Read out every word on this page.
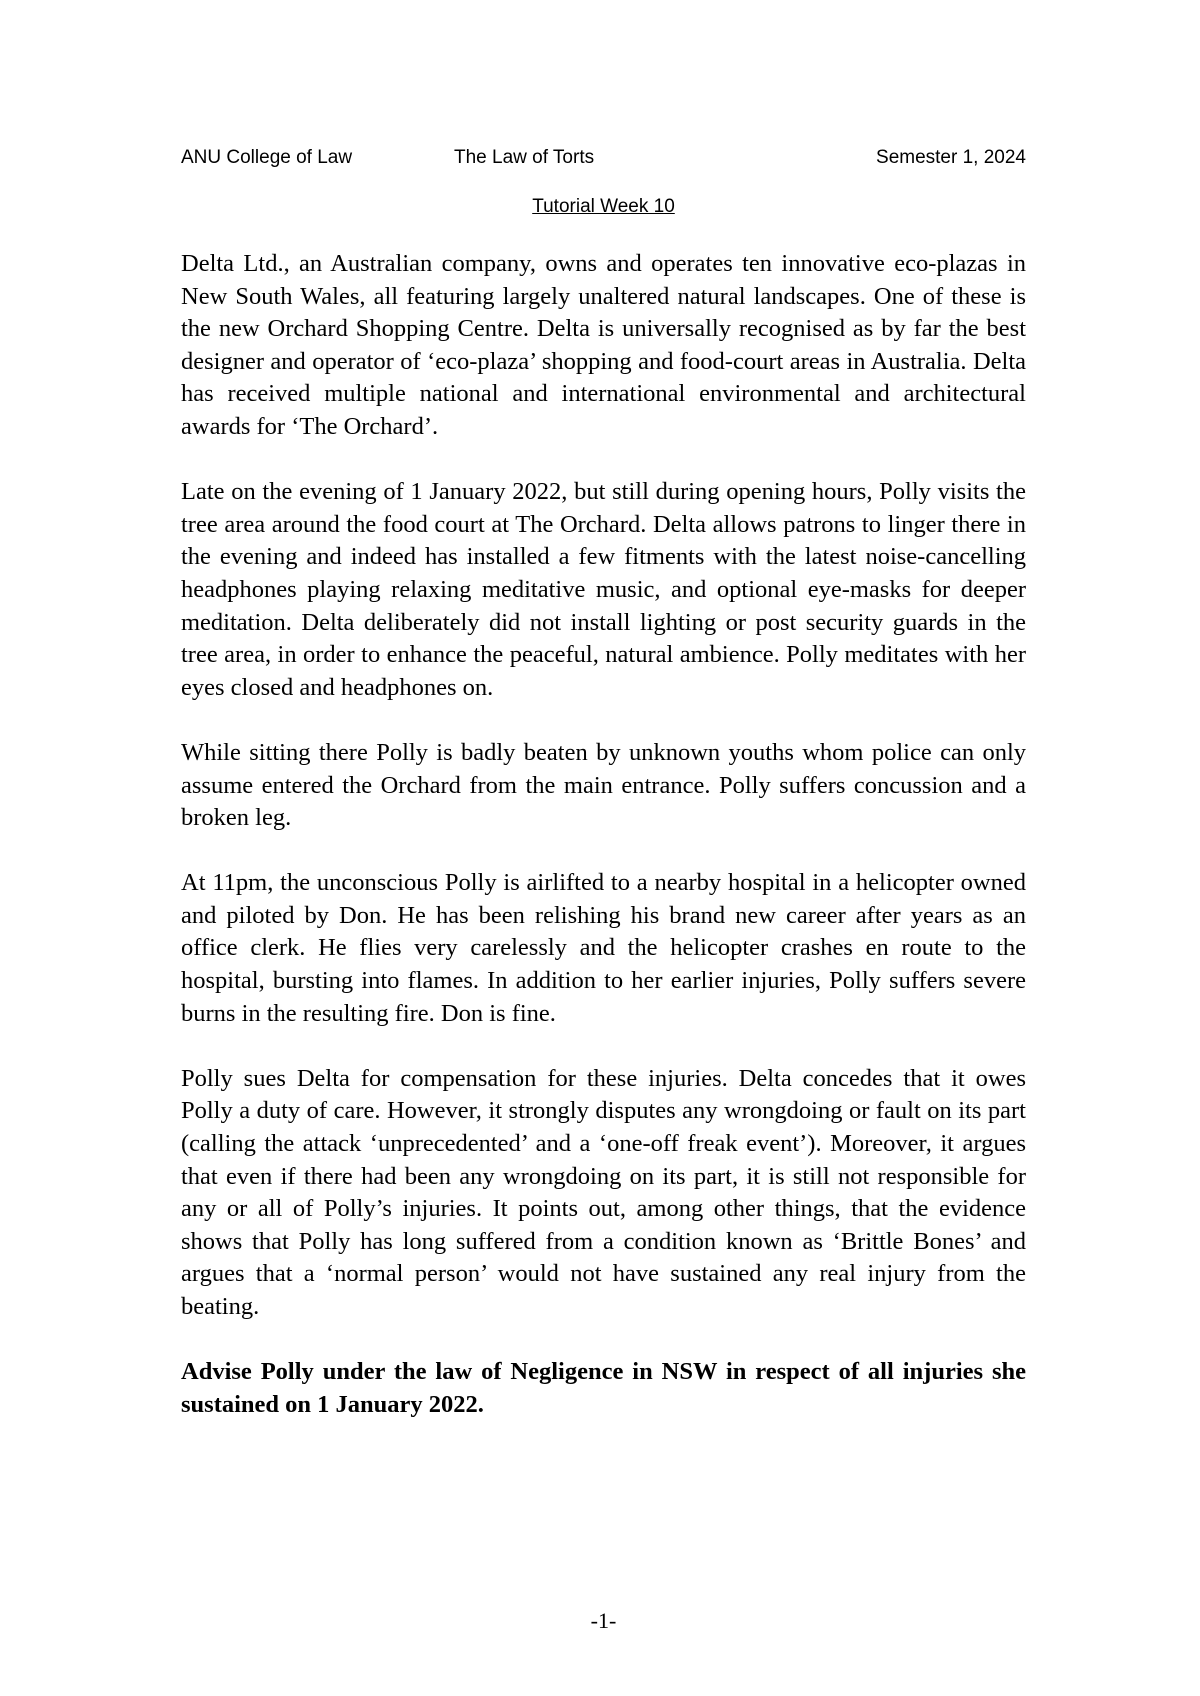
ANU College of Law	The Law of Torts	Semester 1, 2024
Tutorial Week 10

Delta Ltd., an Australian company, owns and operates ten innovative eco-plazas in New South Wales, all featuring largely unaltered natural landscapes. One of these is the new Orchard Shopping Centre. Delta is universally recognised as by far the best designer and operator of ‘eco-plaza’ shopping and food-court areas in Australia. Delta has received multiple national and international environmental and architectural awards for ‘The Orchard’.

Late on the evening of 1 January 2022, but still during opening hours, Polly visits the tree area around the food court at The Orchard. Delta allows patrons to linger there in the evening and indeed has installed a few fitments with the latest noise-cancelling headphones playing relaxing meditative music, and optional eye-masks for deeper meditation. Delta deliberately did not install lighting or post security guards in the tree area, in order to enhance the peaceful, natural ambience. Polly meditates with her eyes closed and headphones on.

While sitting there Polly is badly beaten by unknown youths whom police can only assume entered the Orchard from the main entrance. Polly suffers concussion and a broken leg.

At 11pm, the unconscious Polly is airlifted to a nearby hospital in a helicopter owned and piloted by Don. He has been relishing his brand new career after years as an office clerk. He flies very carelessly and the helicopter crashes en route to the hospital, bursting into flames. In addition to her earlier injuries, Polly suffers severe burns in the resulting fire. Don is fine.

Polly sues Delta for compensation for these injuries. Delta concedes that it owes Polly a duty of care. However, it strongly disputes any wrongdoing or fault on its part (calling the attack ‘unprecedented’ and a ‘one-off freak event’). Moreover, it argues that even if there had been any wrongdoing on its part, it is still not responsible for any or all of Polly’s injuries. It points out, among other things, that the evidence shows that Polly has long suffered from a condition known as ‘Brittle Bones’ and argues that a ‘normal person’ would not have sustained any real injury from the beating.

Advise Polly under the law of Negligence in NSW in respect of all injuries she sustained on 1 January 2022.

-1-
